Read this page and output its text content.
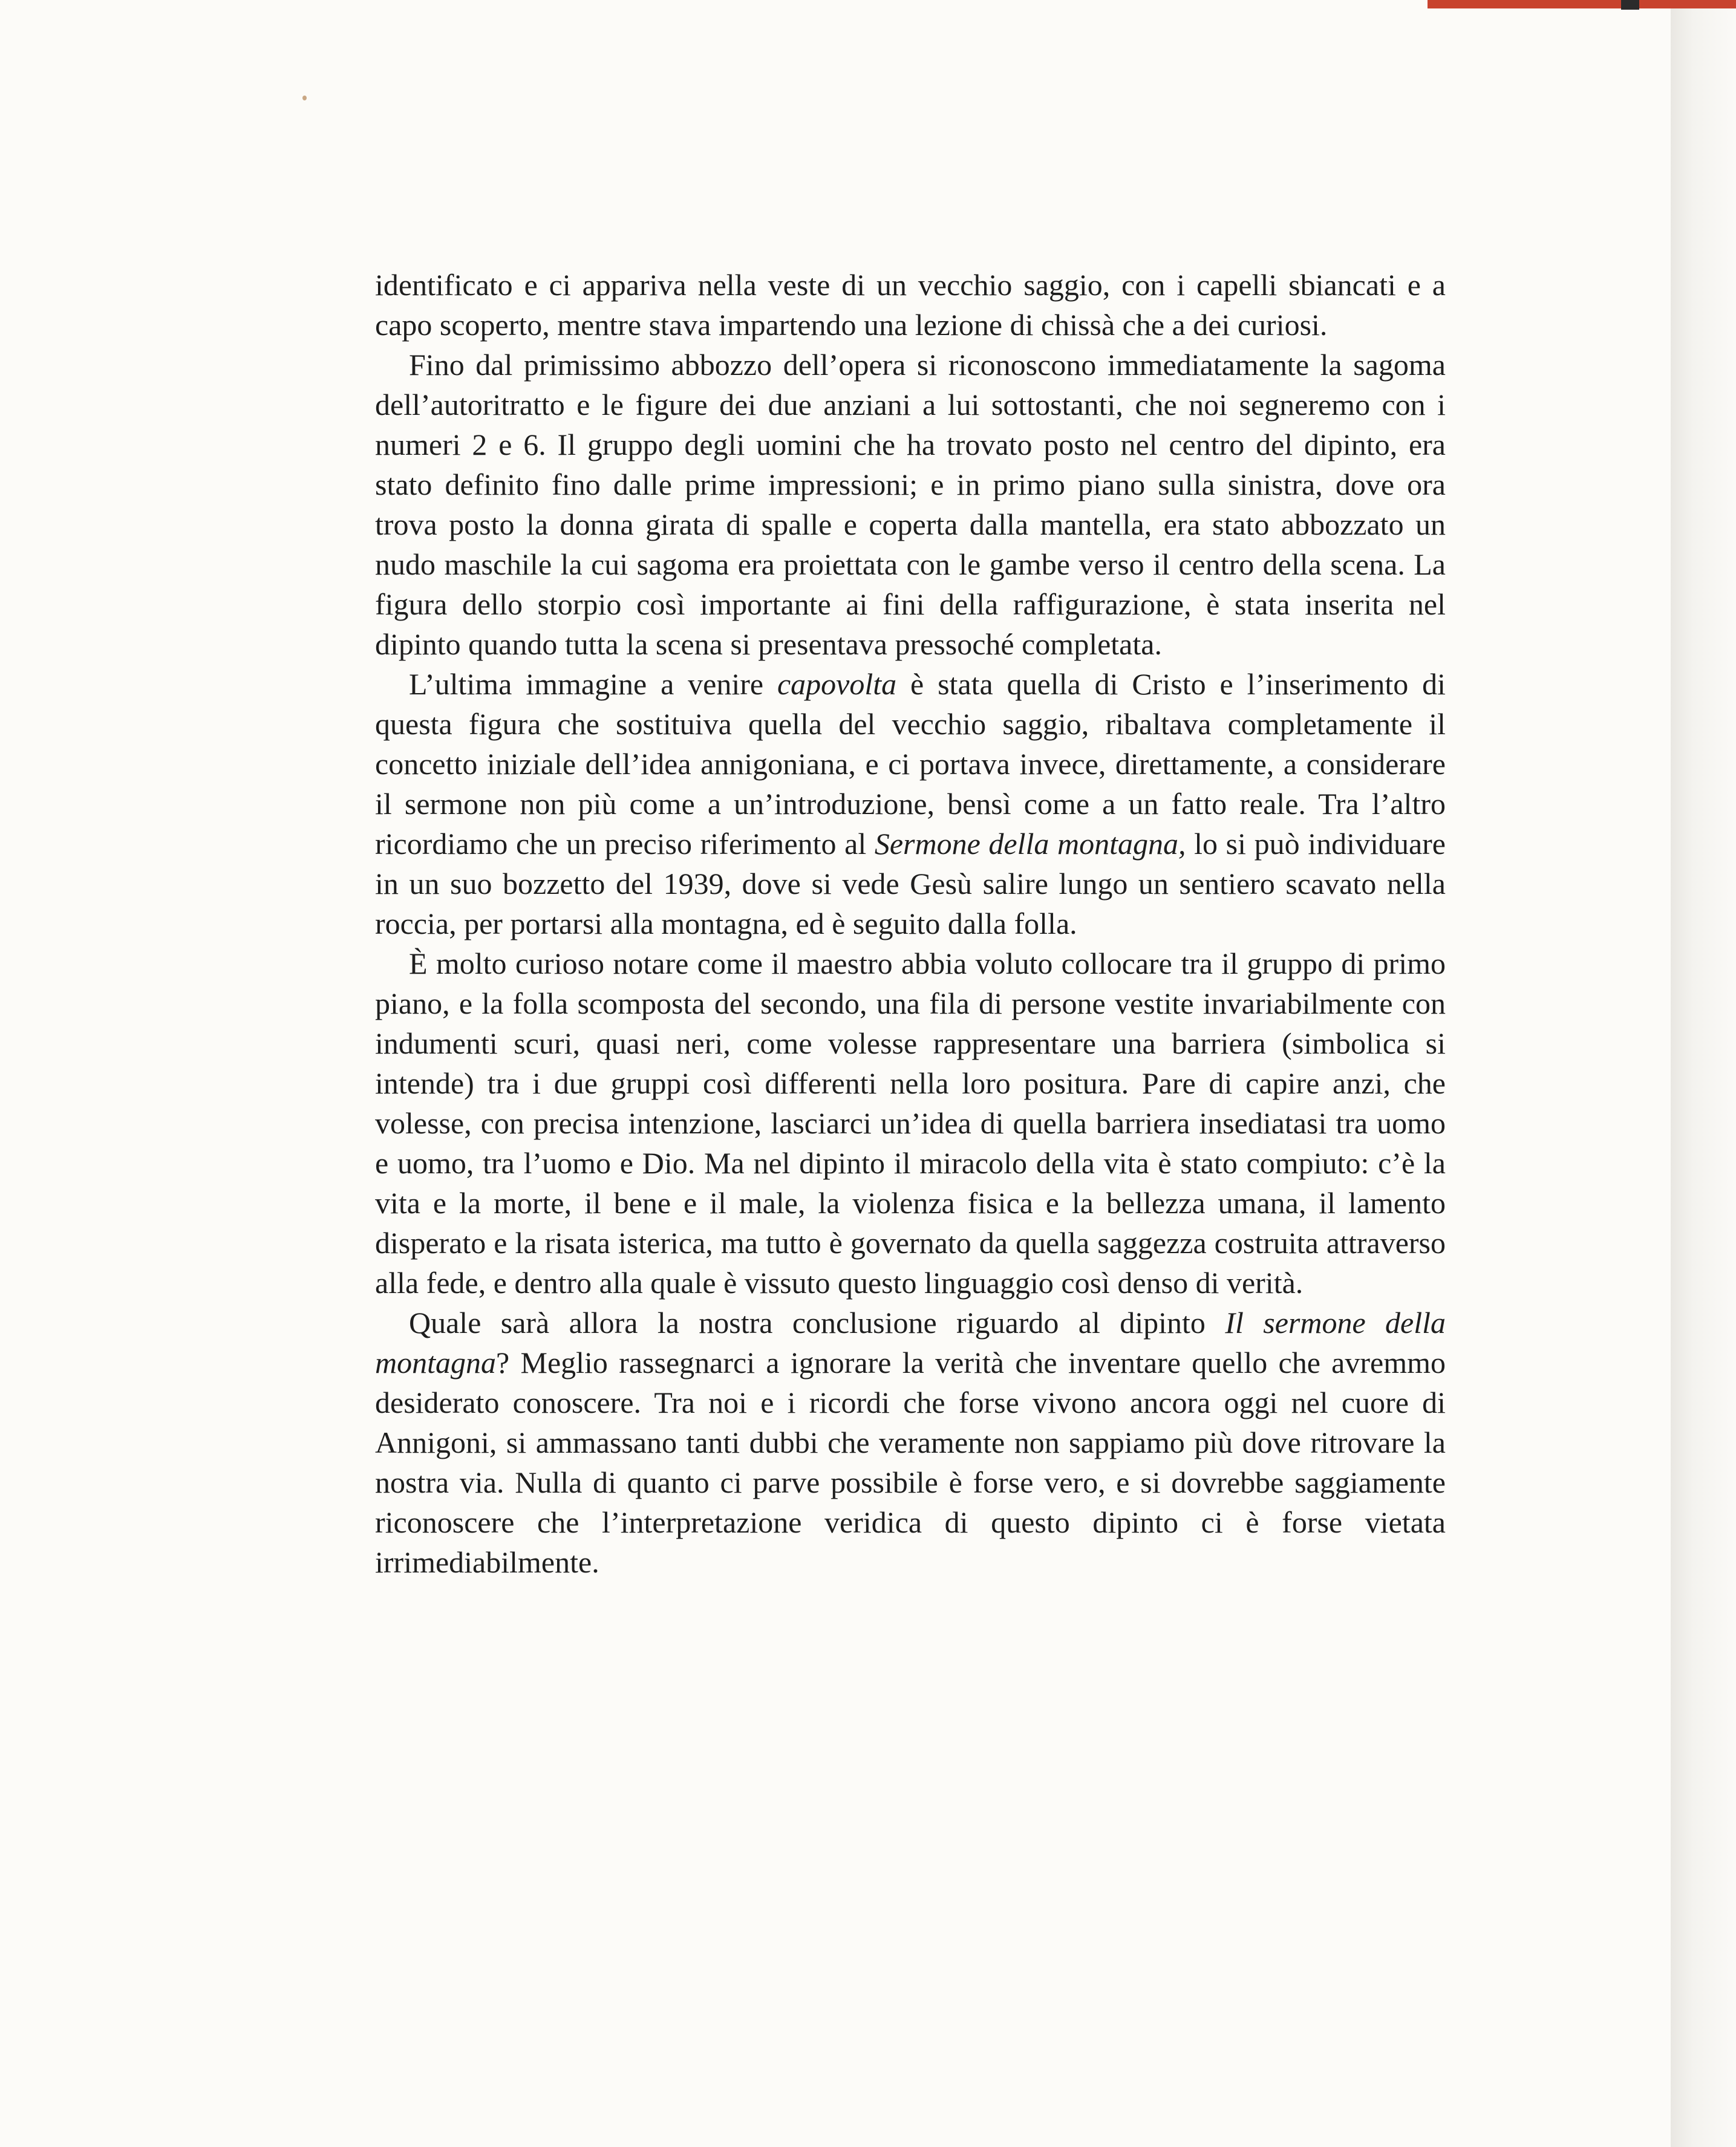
identificato e ci appariva nella veste di un vecchio saggio, con i capelli sbiancati e a capo scoperto, mentre stava impartendo una lezione di chissà che a dei curiosi.

Fino dal primissimo abbozzo dell’opera si riconoscono immediatamente la sagoma dell’autoritratto e le figure dei due anziani a lui sottostanti, che noi segneremo con i numeri 2 e 6. Il gruppo degli uomini che ha trovato posto nel centro del dipinto, era stato definito fino dalle prime impressioni; e in primo piano sulla sinistra, dove ora trova posto la donna girata di spalle e coperta dalla mantella, era stato abbozzato un nudo maschile la cui sagoma era proiettata con le gambe verso il centro della scena. La figura dello storpio così importante ai fini della raffigurazione, è stata inserita nel dipinto quando tutta la scena si presentava pressoché completata.

L’ultima immagine a venire capovolta è stata quella di Cristo e l’inserimento di questa figura che sostituiva quella del vecchio saggio, ribaltava completamente il concetto iniziale dell’idea annigoniana, e ci portava invece, direttamente, a considerare il sermone non più come a un’introduzione, bensì come a un fatto reale. Tra l’altro ricordiamo che un preciso riferimento al Sermone della montagna, lo si può individuare in un suo bozzetto del 1939, dove si vede Gesù salire lungo un sentiero scavato nella roccia, per portarsi alla montagna, ed è seguito dalla folla.

È molto curioso notare come il maestro abbia voluto collocare tra il gruppo di primo piano, e la folla scomposta del secondo, una fila di persone vestite invariabilmente con indumenti scuri, quasi neri, come volesse rappresentare una barriera (simbolica si intende) tra i due gruppi così differenti nella loro positura. Pare di capire anzi, che volesse, con precisa intenzione, lasciarci un’idea di quella barriera insediatasi tra uomo e uomo, tra l’uomo e Dio. Ma nel dipinto il miracolo della vita è stato compiuto: c’è la vita e la morte, il bene e il male, la violenza fisica e la bellezza umana, il lamento disperato e la risata isterica, ma tutto è governato da quella saggezza costruita attraverso alla fede, e dentro alla quale è vissuto questo linguaggio così denso di verità.

Quale sarà allora la nostra conclusione riguardo al dipinto Il sermone della montagna? Meglio rassegnarci a ignorare la verità che inventare quello che avremmo desiderato conoscere. Tra noi e i ricordi che forse vivono ancora oggi nel cuore di Annigoni, si ammassano tanti dubbi che veramente non sappiamo più dove ritrovare la nostra via. Nulla di quanto ci parve possibile è forse vero, e si dovrebbe saggiamente riconoscere che l’interpretazione veridica di questo dipinto ci è forse vietata irrimediabilmente.
